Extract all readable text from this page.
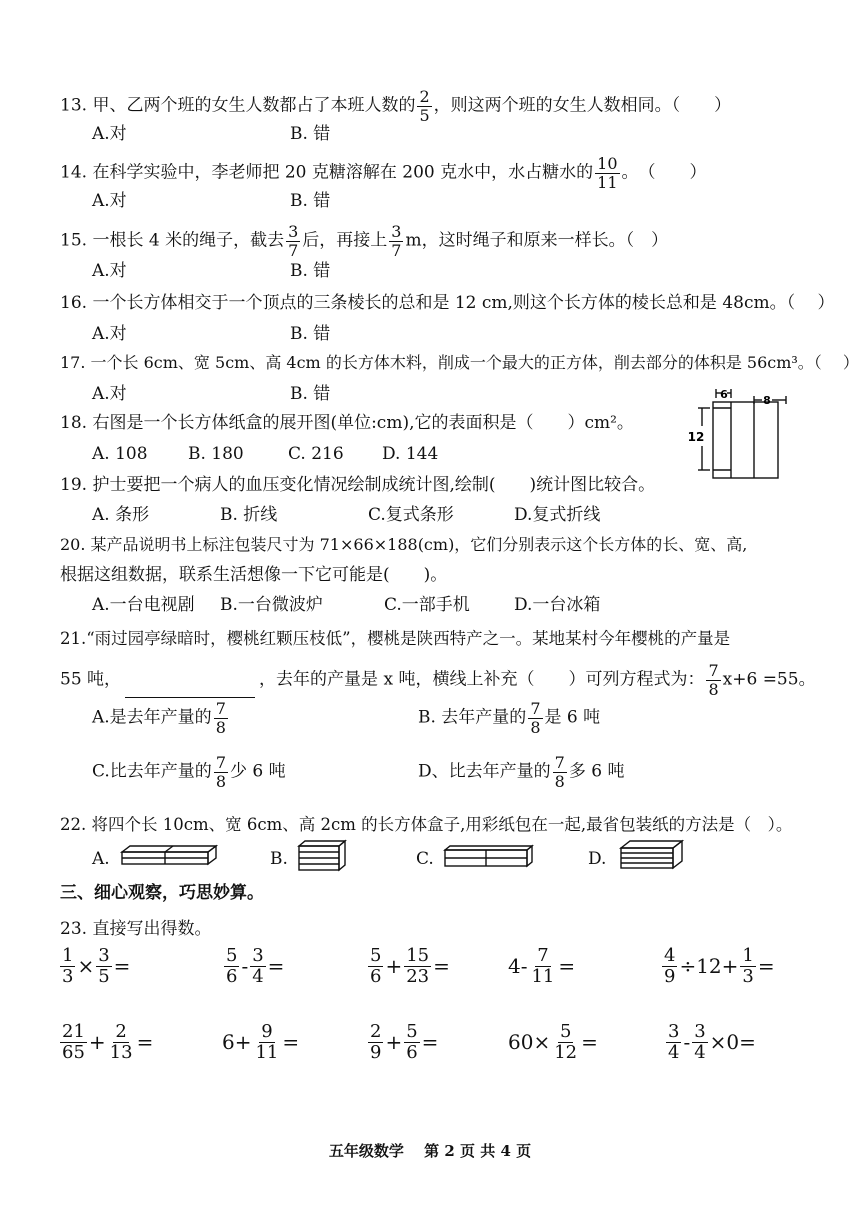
13. 甲、乙两个班的女生人数都占了本班人数的 $\frac{2}{5}$ ，则这两个班的女生人数相同。（　　）
A.对	B. 错
14. 在科学实验中，李老师把 20 克糖溶解在 200 克水中，水占糖水的 $\frac{10}{11}$ 。　（　　）
A.对	B. 错
15. 一根长 4 米的绳子，截去 $\frac{3}{7}$ 后，再接上 $\frac{3}{7}$ m，这时绳子和原来一样长。（　）
A.对	B. 错
16. 一个长方体相交于一个顶点的三条棱长的总和是 12 cm,则这个长方体的棱长总和是 48cm。（　 ）
A.对	B. 错
17. 一个长 6cm、宽 5cm、高 4cm 的长方体木料，削成一个最大的正方体，削去部分的体积是 56cm³。（　 ）
A.对	B. 错
18. 右图是一个长方体纸盒的展开图(单位:cm),它的表面积是（　　）cm²。
A. 108 B. 180	C. 216 D. 144
6	8
12
19. 护士要把一个病人的血压变化情况绘制成统计图,绘制(　　)统计图比较合。
A. 条形	B. 折线	C.复式条形	D.复式折线
20. 某产品说明书上标注包装尺寸为 71×66×188(cm)，它们分别表示这个长方体的长、宽、高,
根据这组数据，联系生活想像一下它可能是(　　)。
A.一台电视剧 B.一台微波炉	C.一部手机	D.一台冰箱
21.“雨过园亭绿暗时，樱桃红颗压枝低”，樱桃是陕西特产之一。某地某村今年樱桃的产量是
55 吨，	，去年的产量是 x 吨，横线上补充（　　）可列方程式为： $\frac{7}{8} x+6 =55$。
A.是去年产量的 $\frac{7}{8}$	B. 去年产量的 $\frac{7}{8}$ 是 6 吨
C.比去年产量的 $\frac{7}{8}$ 少 6 吨	D、比去年产量的 $\frac{7}{8}$ 多 6 吨
22. 将四个长 10cm、宽 6cm、高 2cm 的长方体盒子,用彩纸包在一起,最省包装纸的方法是（　）。
A.	B.	C.	D.
三、细心观察，巧思妙算。
23. 直接写出得数。
$\frac{1}{3} \times \frac{3}{5}$ =	$\frac{5}{6} - \frac{3}{4}$ =	$\frac{5}{6} + \frac{15}{23}$ =	$4- \frac{7}{11}$ =	$\frac{4}{9} \div 12+ \frac{1}{3}$ =
$\frac{21}{65} + \frac{2}{13}$ =	$6+ \frac{9}{11}$ =	$\frac{2}{9} + \frac{5}{6}$ =	$60\times \frac{5}{12}$ =	$\frac{3}{4} - \frac{3}{4} \times 0=$
五年级数学　 第 2 页 共 4 页
